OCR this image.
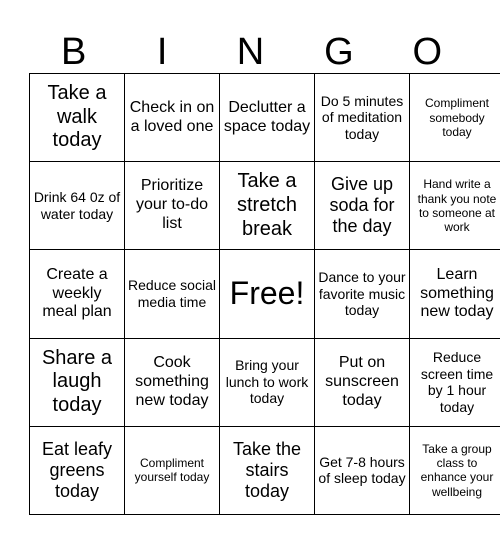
B	I	N	G	O
Take a walk today	Check in on a loved one	Declutter a space today	Do 5 minutes of meditation today	Compliment somebody today
Drink 64 0z of water today	Prioritize your to-do list	Take a stretch break	Give up soda for the day	Hand write a thank you note to someone at work
Create a weekly meal plan	Reduce social media time	Free!	Dance to your favorite music today	Learn something new today
Share a laugh today	Cook something new today	Bring your lunch to work today	Put on sunscreen today	Reduce screen time by 1 hour today
Eat leafy greens today	Compliment yourself today	Take the stairs today	Get 7-8 hours of sleep today	Take a group class to enhance your wellbeing
